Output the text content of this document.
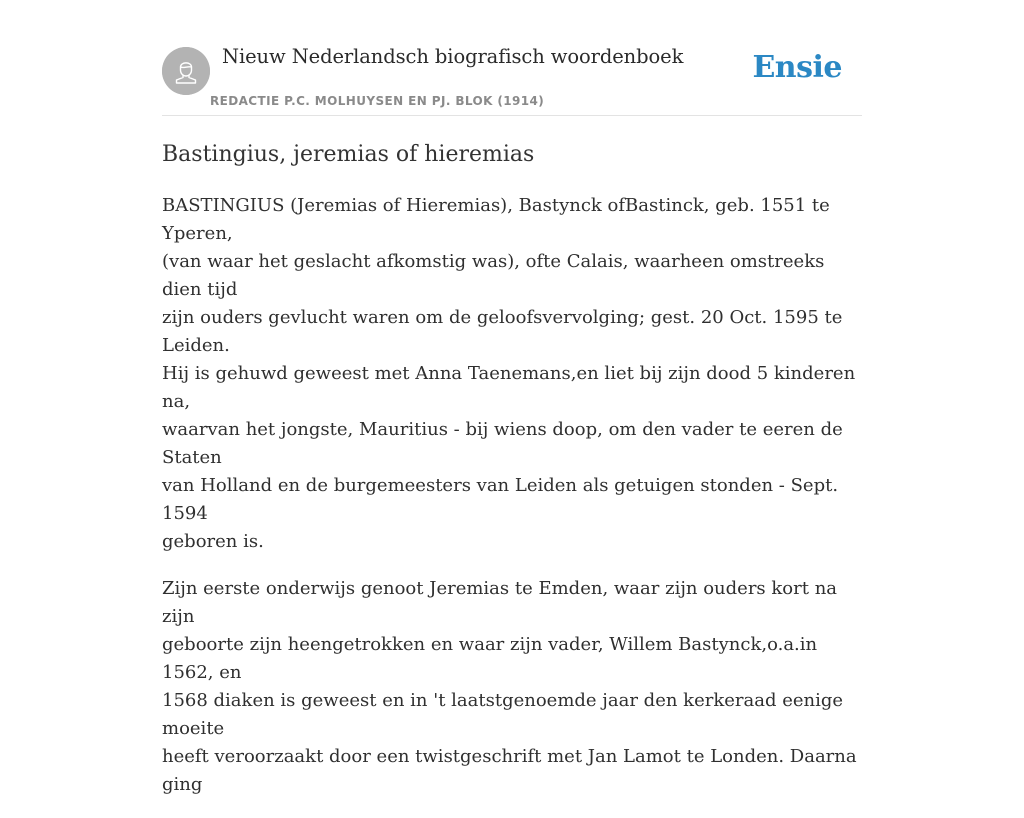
Nieuw Nederlandsch biografisch woordenboek
REDACTIE P.C. MOLHUYSEN EN PJ. BLOK (1914)
Ensie
Bastingius, jeremias of hieremias

BASTINGIUS (Jeremias of Hieremias), Bastynck ofBastinck, geb. 1551 te Yperen,
(van waar het geslacht afkomstig was), ofte Calais, waarheen omstreeks dien tijd
zijn ouders gevlucht waren om de geloofsvervolging; gest. 20 Oct. 1595 te Leiden.
Hij is gehuwd geweest met Anna Taenemans,en liet bij zijn dood 5 kinderen na,
waarvan het jongste, Mauritius - bij wiens doop, om den vader te eeren de Staten
van Holland en de burgemeesters van Leiden als getuigen stonden - Sept. 1594
geboren is.

Zijn eerste onderwijs genoot Jeremias te Emden, waar zijn ouders kort na zijn
geboorte zijn heengetrokken en waar zijn vader, Willem Bastynck,o.a.in 1562, en
1568 diaken is geweest en in 't laatstgenoemde jaar den kerkeraad eenige moeite
heeft veroorzaakt door een twistgeschrift met Jan Lamot te Londen. Daarna ging
